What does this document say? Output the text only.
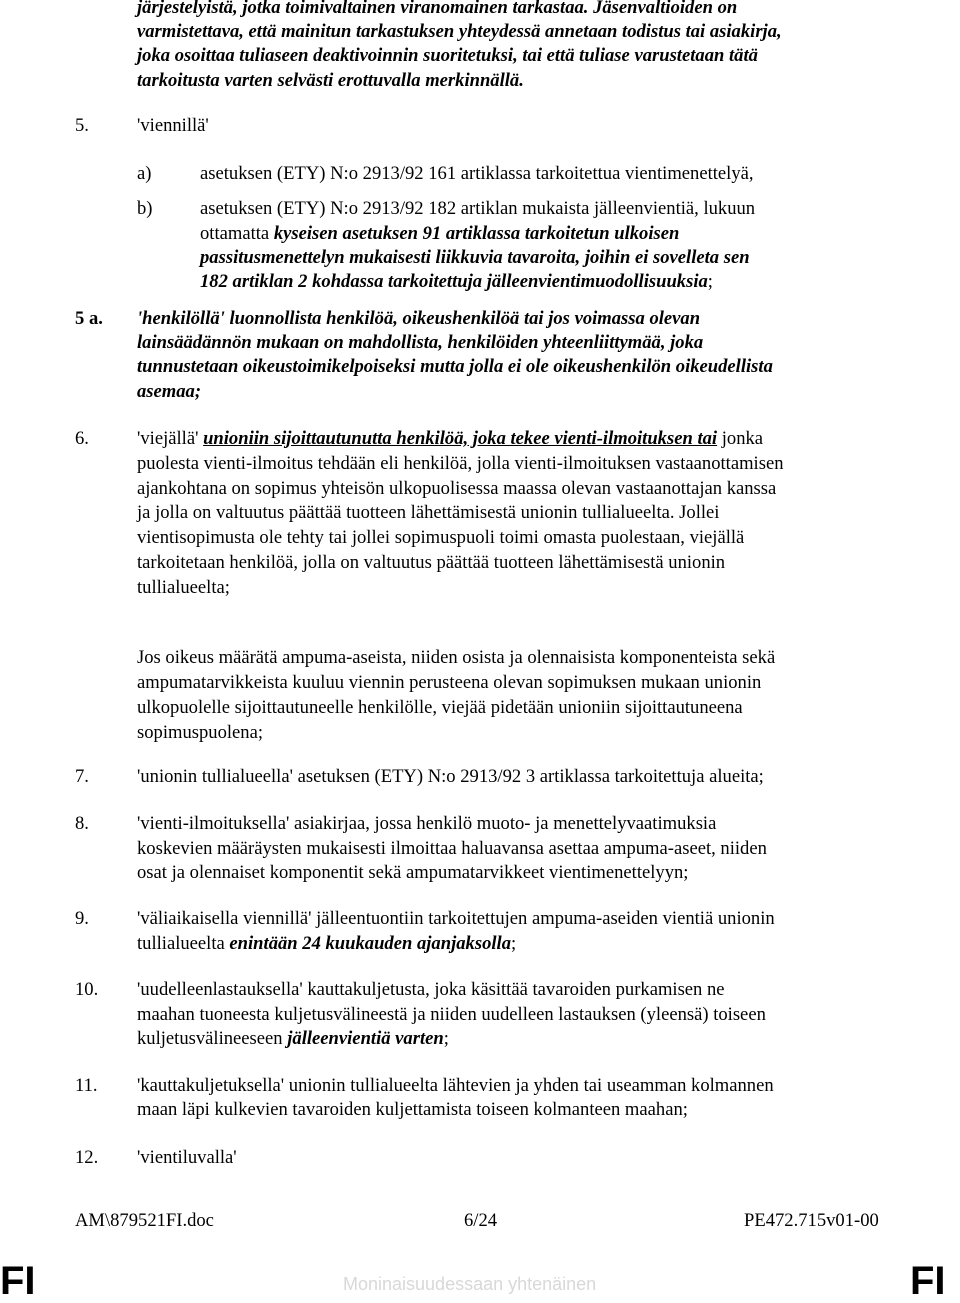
järjestelyistä, jotka toimivaltainen viranomainen tarkastaa. Jäsenvaltioiden on
varmistettava, että mainitun tarkastuksen yhteydessä annetaan todistus tai asiakirja,
joka osoittaa tuliaseen deaktivoinnin suoritetuksi, tai että tuliase varustetaan tätä
tarkoitusta varten selvästi erottuvalla merkinnällä.
5.	'viennillä'
a)	asetuksen (ETY) N:o 2913/92 161 artiklassa tarkoitettua vientimenettelyä,
b)	asetuksen (ETY) N:o 2913/92 182 artiklan mukaista jälleenvientiä, lukuun
ottamatta kyseisen asetuksen 91 artiklassa tarkoitetun ulkoisen
passitusmenettelyn mukaisesti liikkuvia tavaroita, joihin ei sovelleta sen
182 artiklan 2 kohdassa tarkoitettuja jälleenvientimuodollisuuksia;
5 a. 'henkilöllä' luonnollista henkilöä, oikeushenkilöä tai jos voimassa olevan
lainsäädännön mukaan on mahdollista, henkilöiden yhteenliittymää, joka
tunnustetaan oikeustoimikelpoiseksi mutta jolla ei ole oikeushenkilön oikeudellista
asemaa;
6.	'viejällä' unioniin sijoittautunutta henkilöä, joka tekee vienti-ilmoituksen tai jonka
puolesta vienti-ilmoitus tehdään eli henkilöä, jolla vienti-ilmoituksen vastaanottamisen
ajankohtana on sopimus yhteisön ulkopuolisessa maassa olevan vastaanottajan kanssa
ja jolla on valtuutus päättää tuotteen lähettämisestä unionin tullialueelta. Jollei
vientisopimusta ole tehty tai jollei sopimuspuoli toimi omasta puolestaan, viejällä
tarkoitetaan henkilöä, jolla on valtuutus päättää tuotteen lähettämisestä unionin
tullialueelta;
Jos oikeus määrätä ampuma-aseista, niiden osista ja olennaisista komponenteista sekä
ampumatarvikkeista kuuluu viennin perusteena olevan sopimuksen mukaan unionin
ulkopuolelle sijoittautuneelle henkilölle, viejää pidetään unioniin sijoittautuneena
sopimuspuolena;
7.	'unionin tullialueella' asetuksen (ETY) N:o 2913/92 3 artiklassa tarkoitettuja alueita;
8.	'vienti-ilmoituksella' asiakirjaa, jossa henkilö muoto- ja menettelyvaatimuksia
koskevien määräysten mukaisesti ilmoittaa haluavansa asettaa ampuma-aseet, niiden
osat ja olennaiset komponentit sekä ampumatarvikkeet vientimenettelyyn;
9.	'väliaikaisella viennillä' jälleentuontiin tarkoitettujen ampuma-aseiden vientiä unionin
tullialueelta enintään 24 kuukauden ajanjaksolla;
10. 'uudelleenlastauksella' kauttakuljetusta, joka käsittää tavaroiden purkamisen ne
maahan tuoneesta kuljetusvälineestä ja niiden uudelleen lastauksen (yleensä) toiseen
kuljetusvälineeseen jälleenvientiä varten;
11. 'kauttakuljetuksella' unionin tullialueelta lähtevien ja yhden tai useamman kolmannen
maan läpi kulkevien tavaroiden kuljettamista toiseen kolmanteen maahan;
12. 'vientiluvalla'
AM\879521FI.doc	6/24	PE472.715v01-00
FI	FI
Moninaisuudessaan yhtenäinen
